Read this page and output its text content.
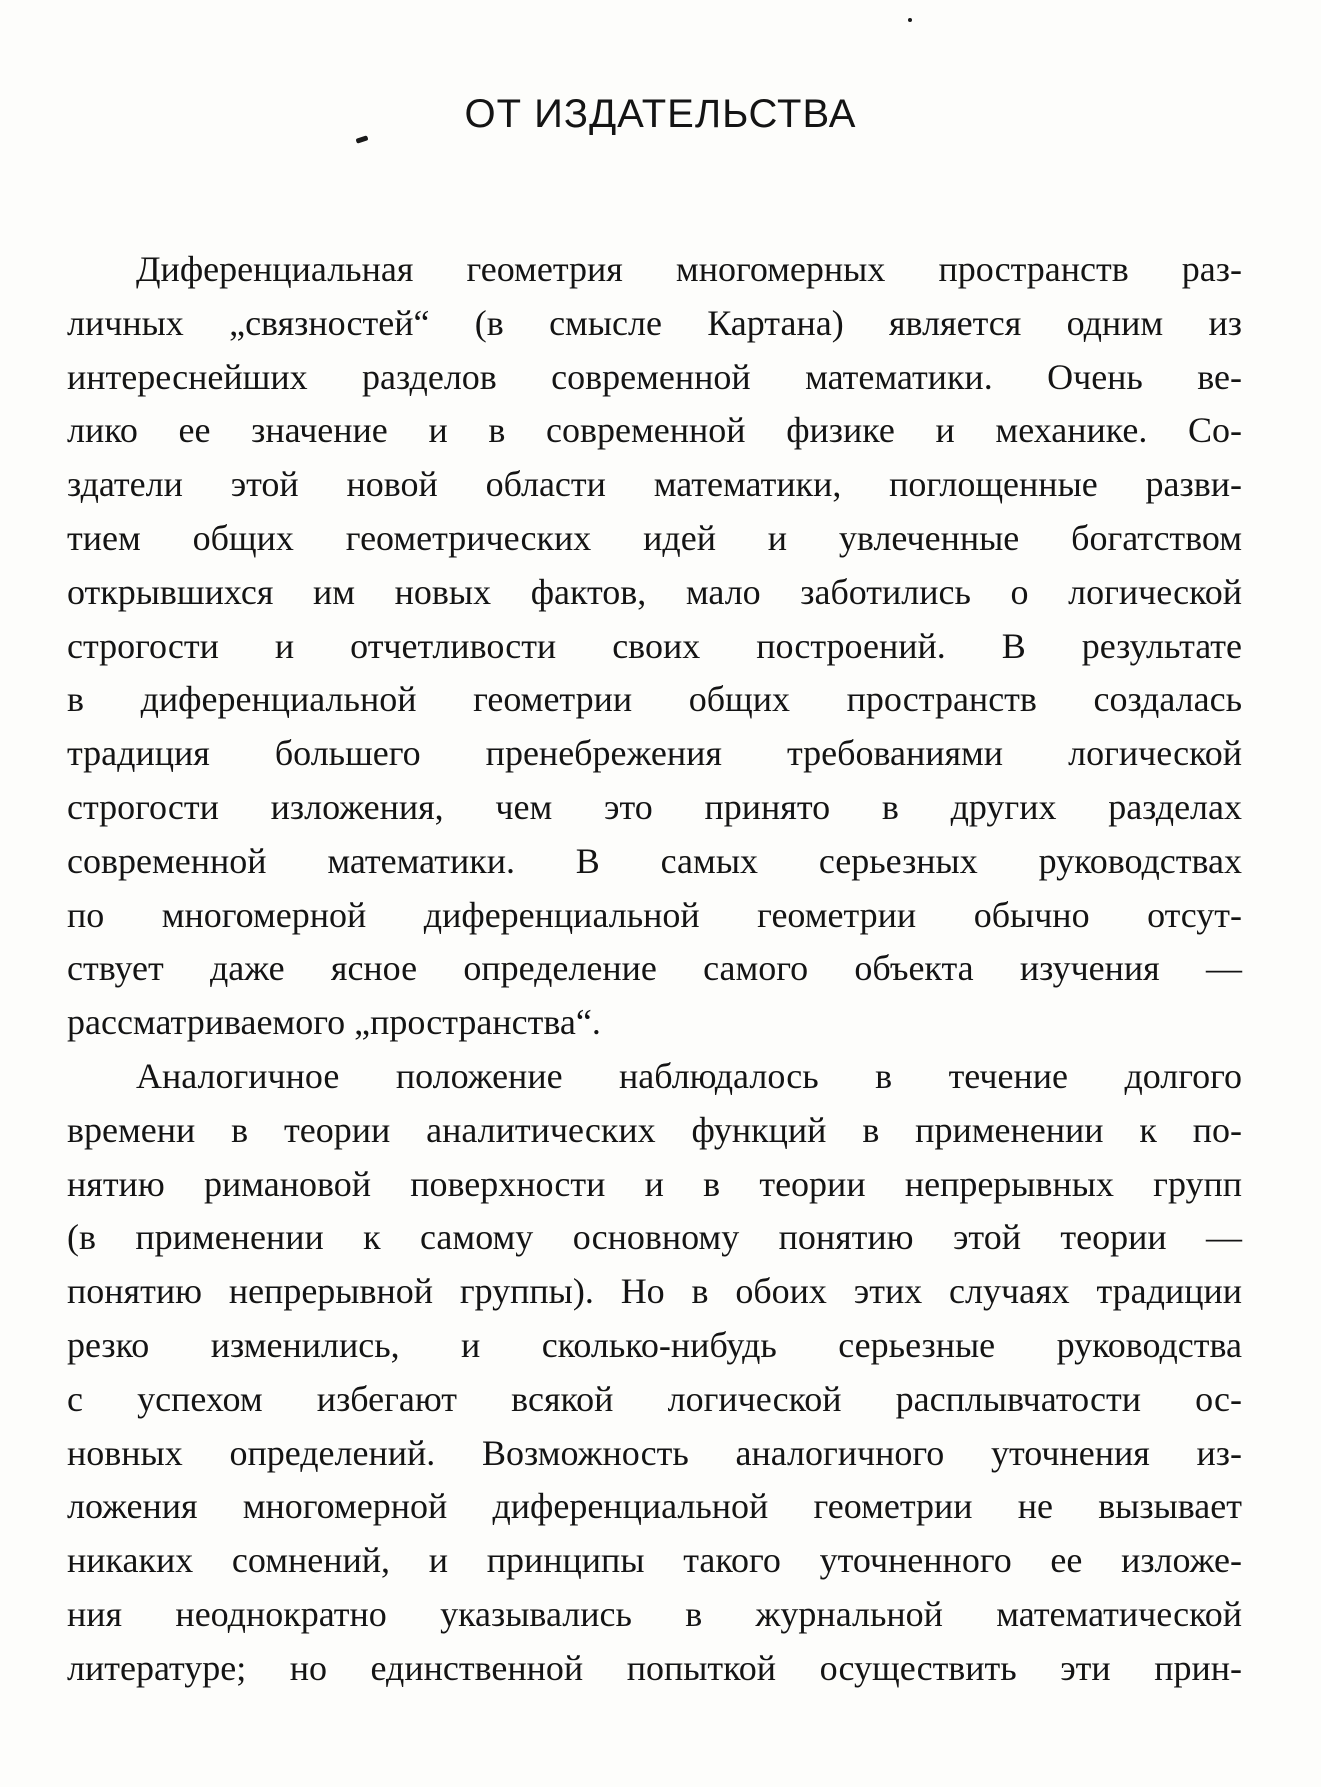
ОТ ИЗДАТЕЛЬСТВА

Диференциальная геометрия многомерных пространств раз-
личных „связностей“ (в смысле Картана) является одним из
интереснейших разделов современной математики. Очень ве-
лико ее значение и в современной физике и механике. Со-
здатели этой новой области математики, поглощенные разви-
тием общих геометрических идей и увлеченные богатством
открывшихся им новых фактов, мало заботились о логической
строгости и отчетливости своих построений. В результате
в диференциальной геометрии общих пространств создалась
традиция большего пренебрежения требованиями логической
строгости изложения, чем это принято в других разделах
современной математики. В самых серьезных руководствах
по многомерной диференциальной геометрии обычно отсут-
ствует даже ясное определение самого объекта изучения —
рассматриваемого „пространства“.

Аналогичное положение наблюдалось в течение долгого
времени в теории аналитических функций в применении к по-
нятию римановой поверхности и в теории непрерывных групп
(в применении к самому основному понятию этой теории —
понятию непрерывной группы). Но в обоих этих случаях традиции
резко изменились, и сколько-нибудь серьезные руководства
с успехом избегают всякой логической расплывчатости ос-
новных определений. Возможность аналогичного уточнения из-
ложения многомерной диференциальной геометрии не вызывает
никаких сомнений, и принципы такого уточненного ее изложе-
ния неоднократно указывались в журнальной математической
литературе; но единственной попыткой осуществить эти прин-
